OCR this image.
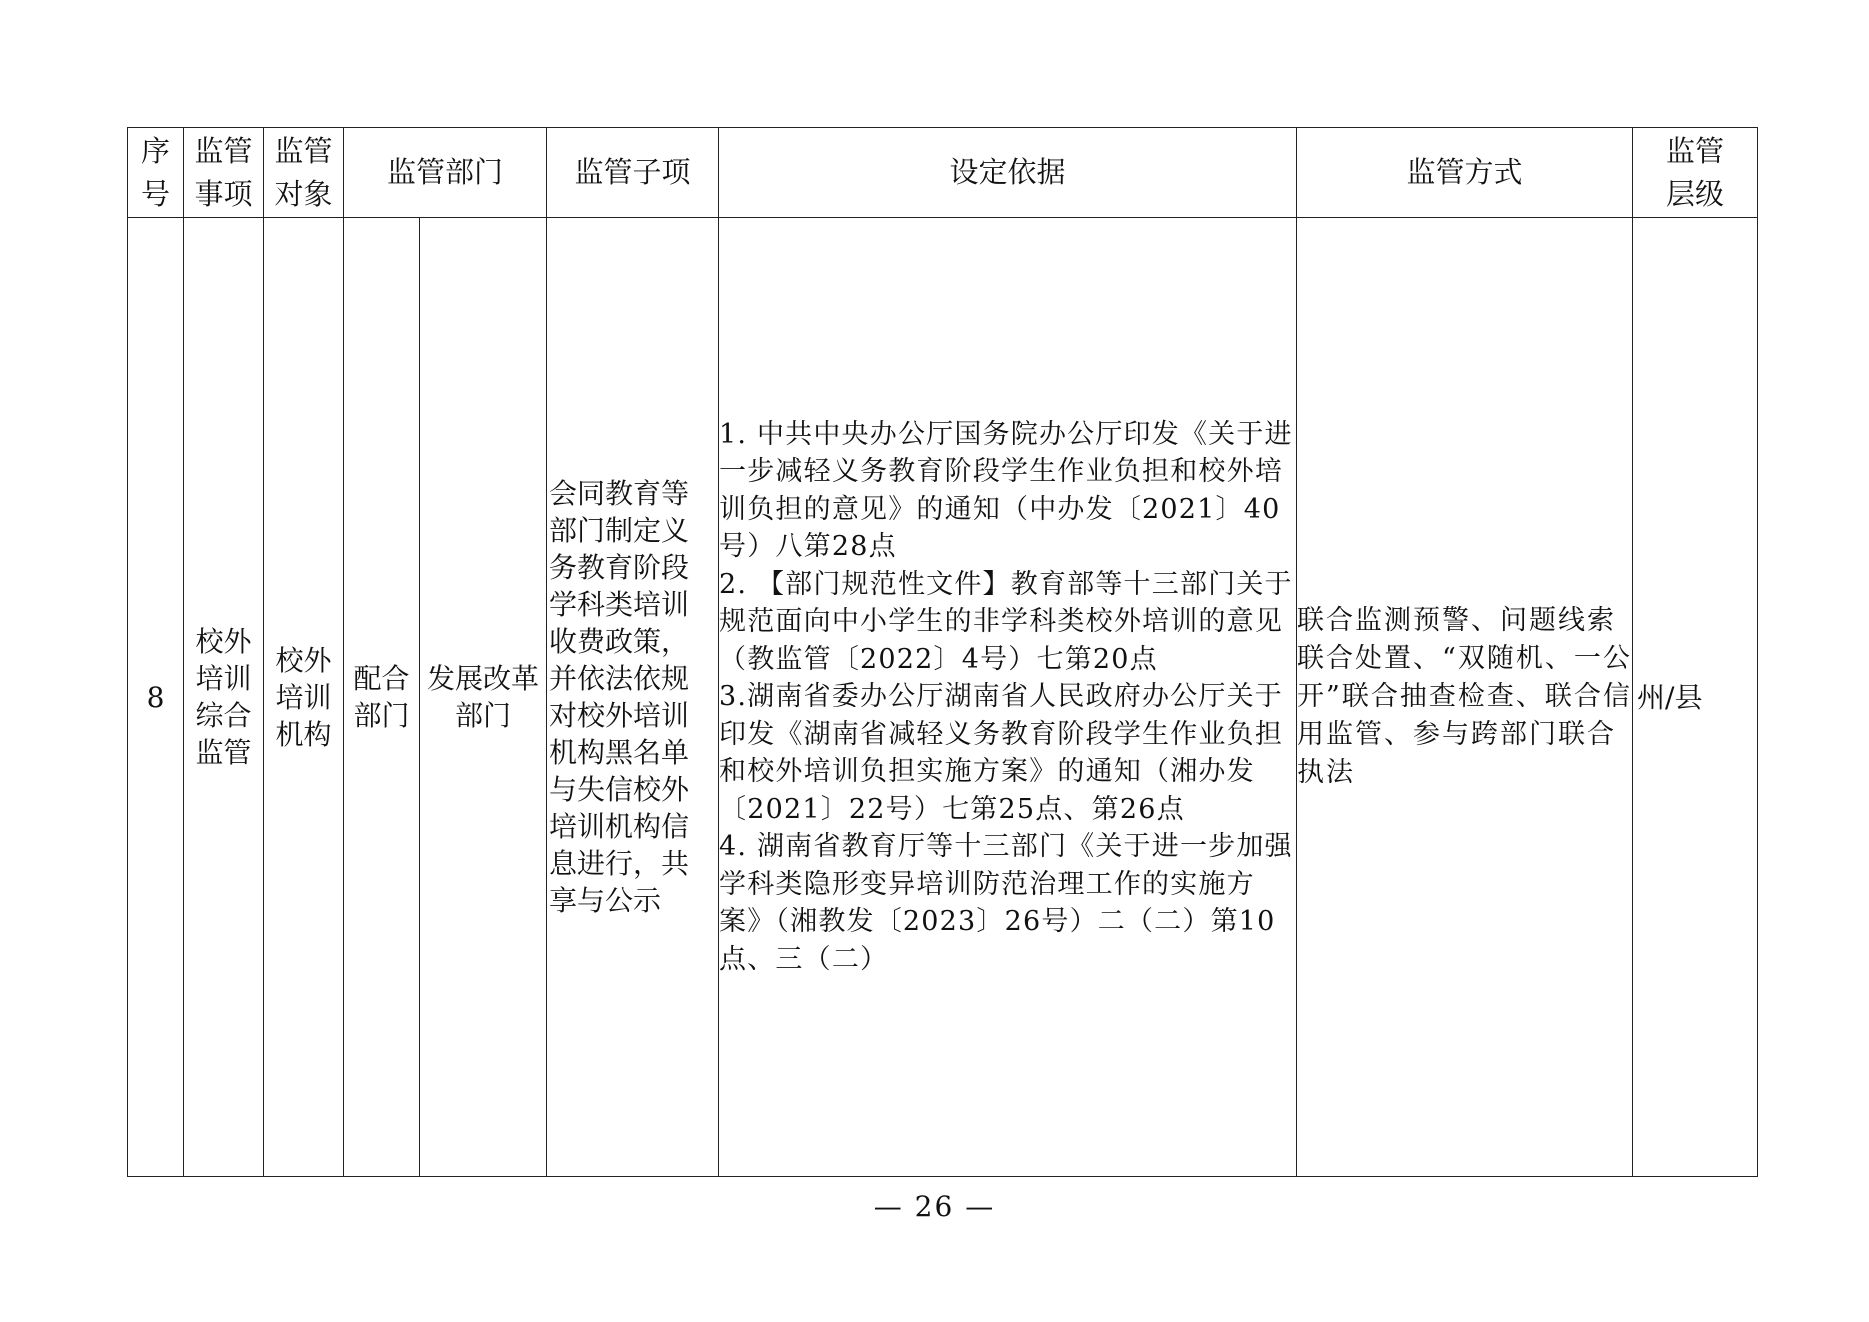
序号	监管事项	监管对象	监管部门		监管子项	设定依据	监管方式	监管层级
8	校外培训综合监管	校外培训机构	配合部门	发展改革部门	会同教育等部门制定义务教育阶段学科类培训收费政策，并依法依规对校外培训机构黑名单与失信校外培训机构信息进行，共享与公示	1. 中共中央办公厅国务院办公厅印发《关于进一步减轻义务教育阶段学生作业负担和校外培训负担的意见》的通知（中办发〔2021〕40号）八第28点
2. 【部门规范性文件】教育部等十三部门关于规范面向中小学生的非学科类校外培训的意见（教监管〔2022〕4号）七第20点
3.湖南省委办公厅湖南省人民政府办公厅关于印发《湖南省减轻义务教育阶段学生作业负担和校外培训负担实施方案》的通知（湘办发〔2021〕22号）七第25点、第26点
4. 湖南省教育厅等十三部门《关于进一步加强学科类隐形变异培训防范治理工作的实施方案》（湘教发〔2023〕26号）二（二）第10点、三（二）	联合监测预警、问题线索联合处置、“双随机、一公开”联合抽查检查、联合信用监管、参与跨部门联合执法	州/县
— 26 —
